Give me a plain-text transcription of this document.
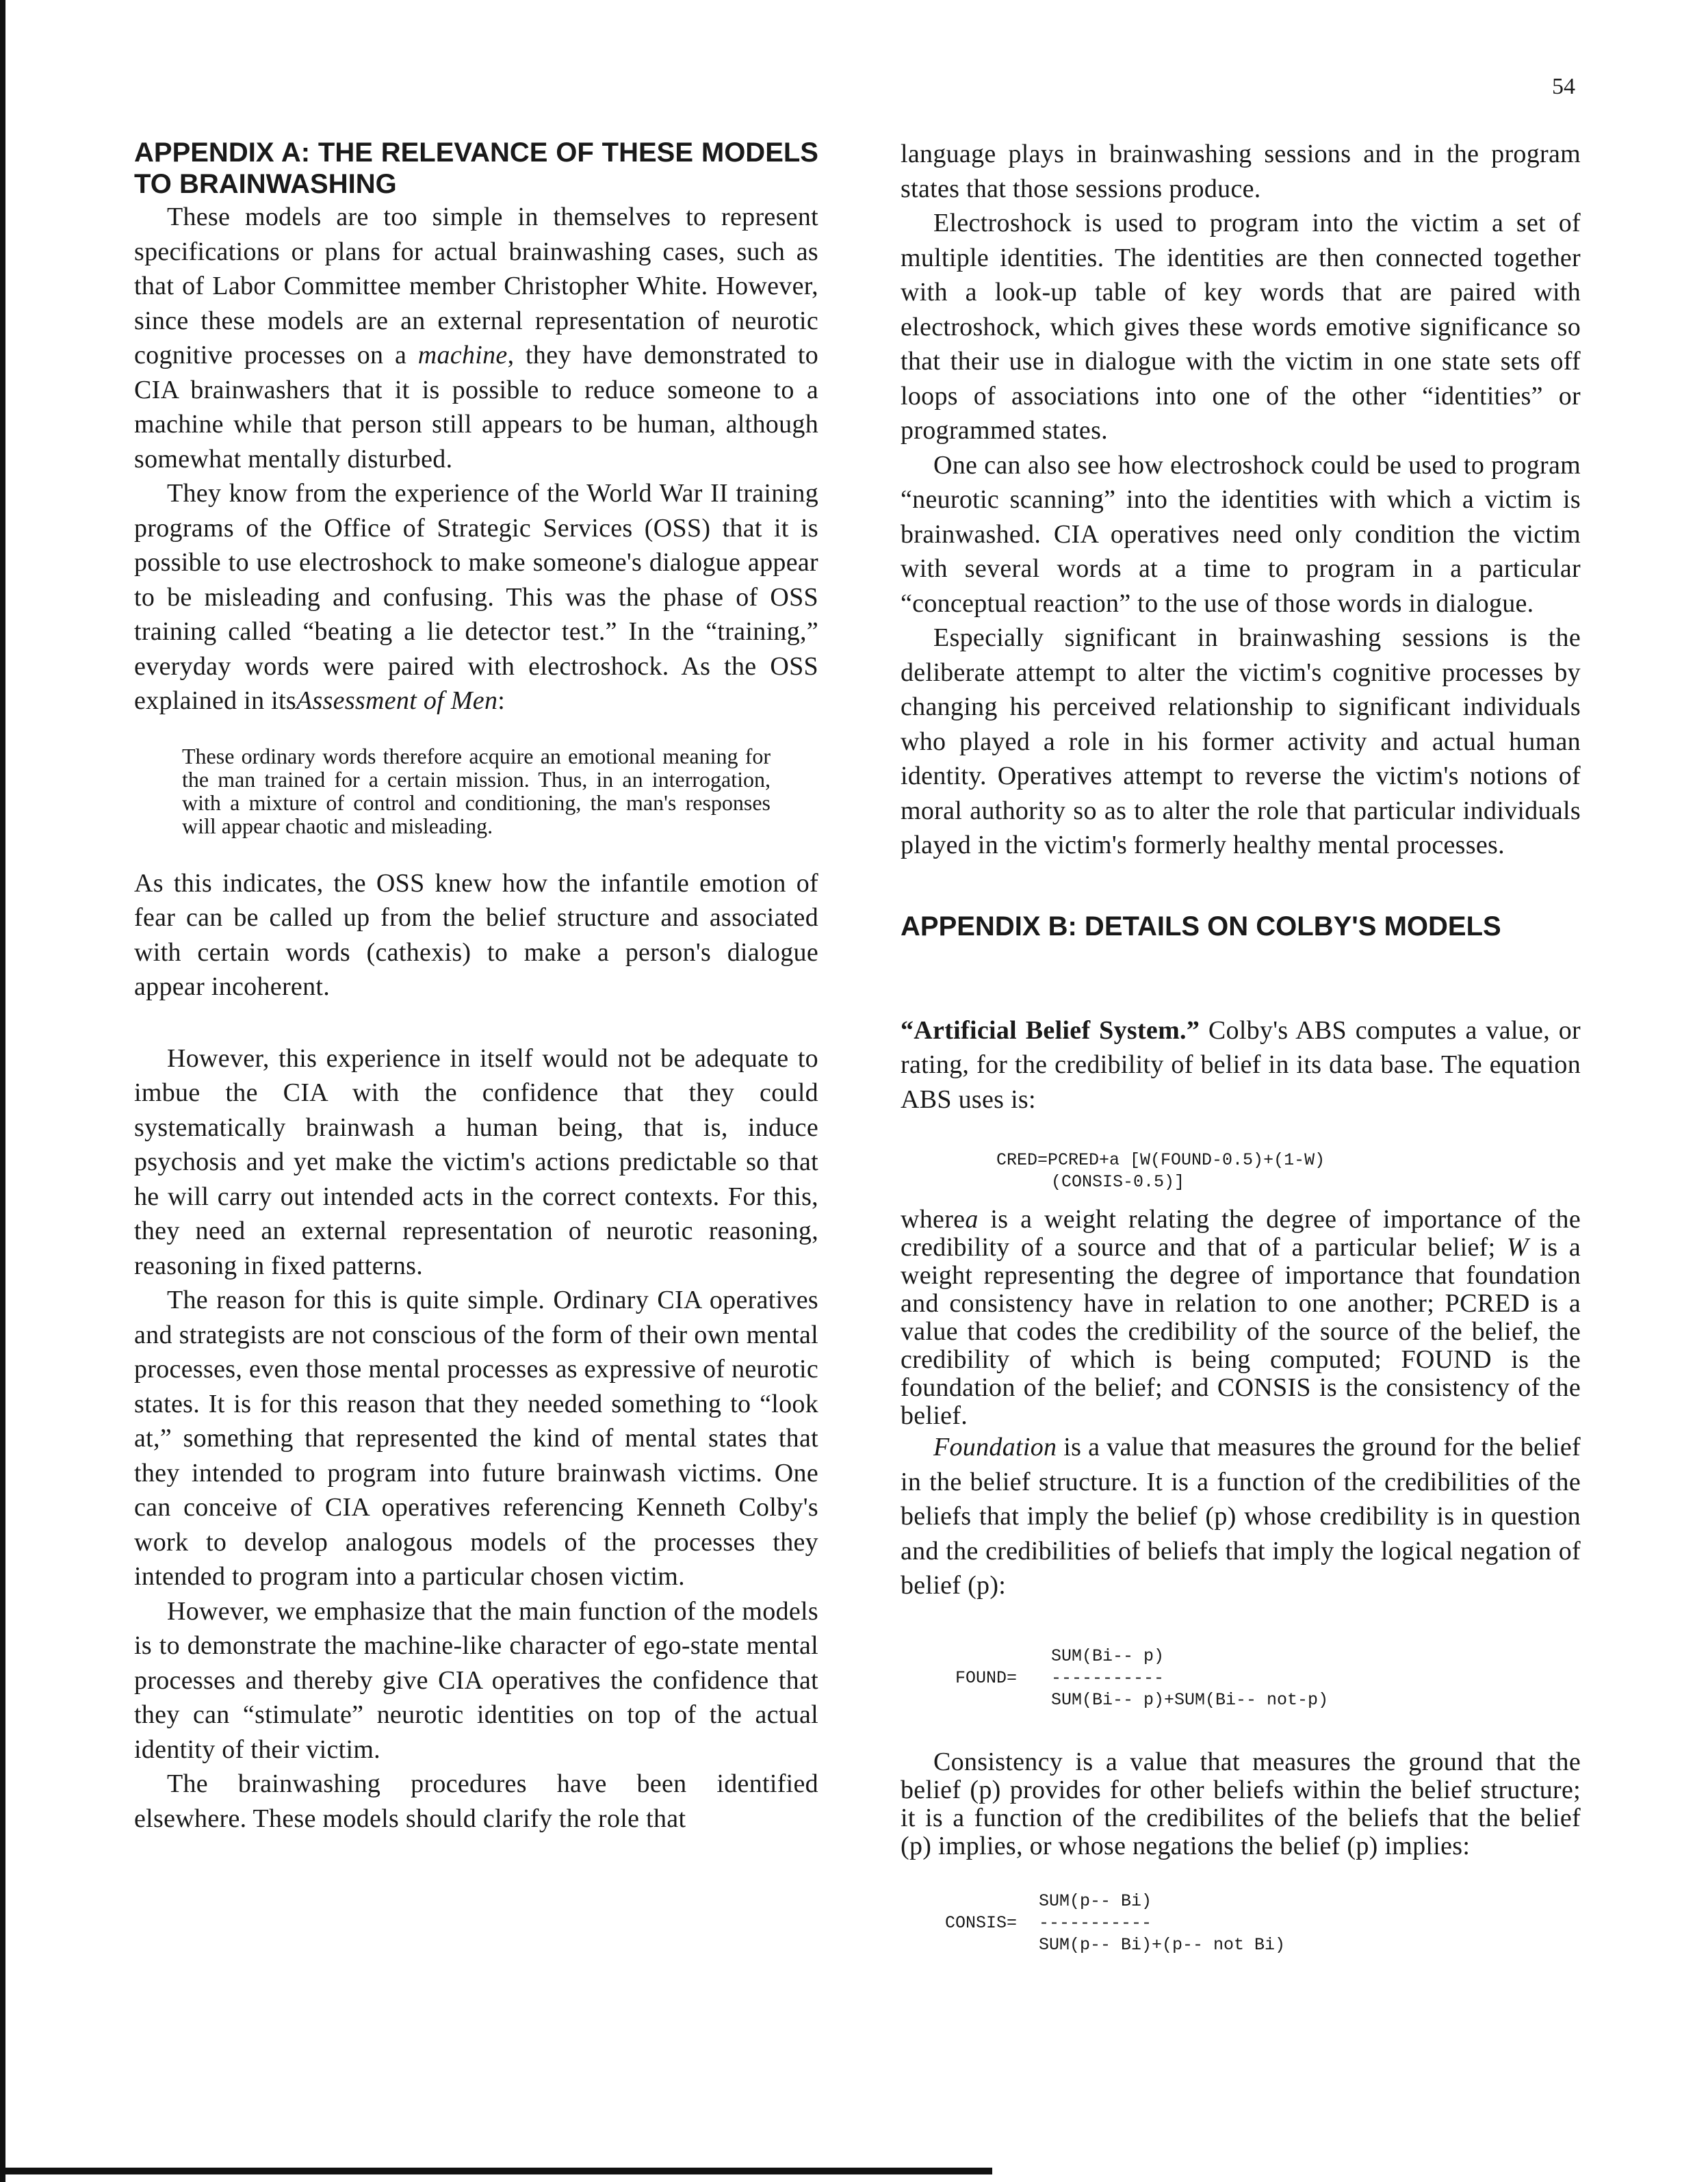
54
APPENDIX A: THE RELEVANCE OF THESE MODELS TO BRAINWASHING

These models are too simple in themselves to represent specifications or plans for actual brainwashing cases, such as that of Labor Committee member Christopher White. However, since these models are an external representation of neurotic cognitive processes on a machine, they have demonstrated to CIA brainwashers that it is possible to reduce someone to a machine while that person still appears to be human, although somewhat mentally disturbed.

They know from the experience of the World War II training programs of the Office of Strategic Services (OSS) that it is possible to use electroshock to make someone's dialogue appear to be misleading and confusing. This was the phase of OSS training called “beating a lie detector test.” In the “training,” everyday words were paired with electroshock. As the OSS explained in itsAssessment of Men:

These ordinary words therefore acquire an emotional meaning for the man trained for a certain mission. Thus, in an interrogation, with a mixture of control and conditioning, the man's responses will appear chaotic and misleading.

As this indicates, the OSS knew how the infantile emotion of fear can be called up from the belief structure and associated with certain words (cathexis) to make a person's dialogue appear incoherent.

However, this experience in itself would not be adequate to imbue the CIA with the confidence that they could systematically brainwash a human being, that is, induce psychosis and yet make the victim's actions predictable so that he will carry out intended acts in the correct contexts. For this, they need an external representation of neurotic reasoning, reasoning in fixed patterns.

The reason for this is quite simple. Ordinary CIA operatives and strategists are not conscious of the form of their own mental processes, even those mental processes as expressive of neurotic states. It is for this reason that they needed something to “look at,” something that represented the kind of mental states that they intended to program into future brainwash victims. One can conceive of CIA operatives referencing Kenneth Colby's work to develop analogous models of the processes they intended to program into a particular chosen victim.

However, we emphasize that the main function of the models is to demonstrate the machine-like character of ego-state mental processes and thereby give CIA operatives the confidence that they can “stimulate” neurotic identities on top of the actual identity of their victim.

The brainwashing procedures have been identified elsewhere. These models should clarify the role that

language plays in brainwashing sessions and in the program states that those sessions produce.

Electroshock is used to program into the victim a set of multiple identities. The identities are then connected together with a look-up table of key words that are paired with electroshock, which gives these words emotive significance so that their use in dialogue with the victim in one state sets off loops of associations into one of the other “identities” or programmed states.

One can also see how electroshock could be used to program “neurotic scanning” into the identities with which a victim is brainwashed. CIA operatives need only condition the victim with several words at a time to program in a particular “conceptual reaction” to the use of those words in dialogue.

Especially significant in brainwashing sessions is the deliberate attempt to alter the victim's cognitive processes by changing his perceived relationship to significant individuals who played a role in his former activity and actual human identity. Operatives attempt to reverse the victim's notions of moral authority so as to alter the role that particular individuals played in the victim's formerly healthy mental processes.

APPENDIX B: DETAILS ON COLBY'S MODELS

“Artificial Belief System.” Colby's ABS computes a value, or rating, for the credibility of belief in its data base. The equation ABS uses is:

CRED=PCRED+a [W(FOUND-0.5)+(1-W)
(CONSIS-0.5)]

wherea is a weight relating the degree of importance of the credibility of a source and that of a particular belief; W is a weight representing the degree of importance that foundation and consistency have in relation to one another; PCRED is a value that codes the credibility of the source of the belief, the credibility of which is being computed; FOUND is the foundation of the belief; and CONSIS is the consistency of the belief.

Foundation is a value that measures the ground for the belief in the belief structure. It is a function of the credibilities of the beliefs that imply the belief (p) whose credibility is in question and the credibilities of beliefs that imply the logical negation of belief (p):

FOUND=
SUM(Bi-- p)
-----------
SUM(Bi-- p)+SUM(Bi-- not-p)

Consistency is a value that measures the ground that the belief (p) provides for other beliefs within the belief structure; it is a function of the credibilites of the beliefs that the belief (p) implies, or whose negations the belief (p) implies:

CONSIS=
SUM(p-- Bi)
-----------
SUM(p-- Bi)+(p-- not Bi)
